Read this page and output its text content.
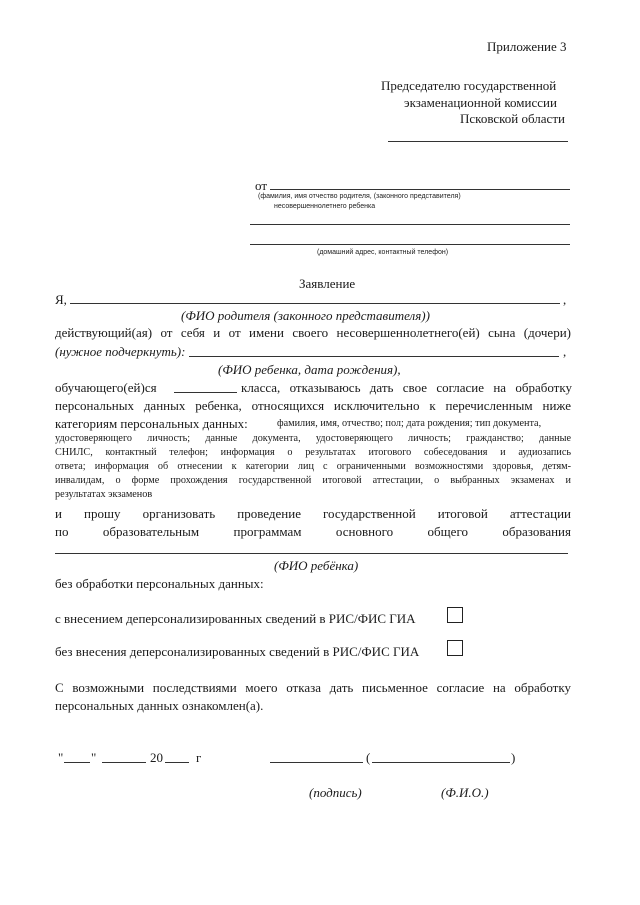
Приложение 3
Председателю государственной
экзаменационной комиссии
Псковской области
от
(фамилия, имя отчество родителя, (законного представителя)
несовершеннолетнего ребенка
(домашний адрес, контактный телефон)
Заявление
Я,	,
(ФИО родителя (законного представителя))
действующий(ая) от себя и от имени своего несовершеннолетнего(ей) сына (дочери)
(нужное подчеркнуть):	,
(ФИО ребенка, дата рождения),
обучающего(ей)ся	класса, отказываюсь дать свое согласие на обработку
персональных данных ребенка, относящихся исключительно к перечисленным ниже
категориям персональных данных:	фамилия, имя, отчество; пол; дата рождения; тип документа,
удостоверяющего личность; данные документа, удостоверяющего личность; гражданство; данные
СНИЛС, контактный телефон; информация о результатах итогового собеседования и аудиозапись
ответа; информация об отнесении к категории лиц с ограниченными возможностями здоровья, детям-
инвалидам, о форме прохождения государственной итоговой аттестации, о выбранных экзаменах и
результатах экзаменов
и прошу организовать проведение государственной итоговой аттестации
по образовательным программам основного общего образования
(ФИО ребёнка)
без обработки персональных данных:
с внесением деперсонализированных сведений в РИС/ФИС ГИА
без внесения деперсонализированных сведений в РИС/ФИС ГИА
С возможными последствиями моего отказа дать письменное согласие на обработку
персональных данных ознакомлен(а).
" "	20	г	(	)
(подпись)	(Ф.И.О.)
